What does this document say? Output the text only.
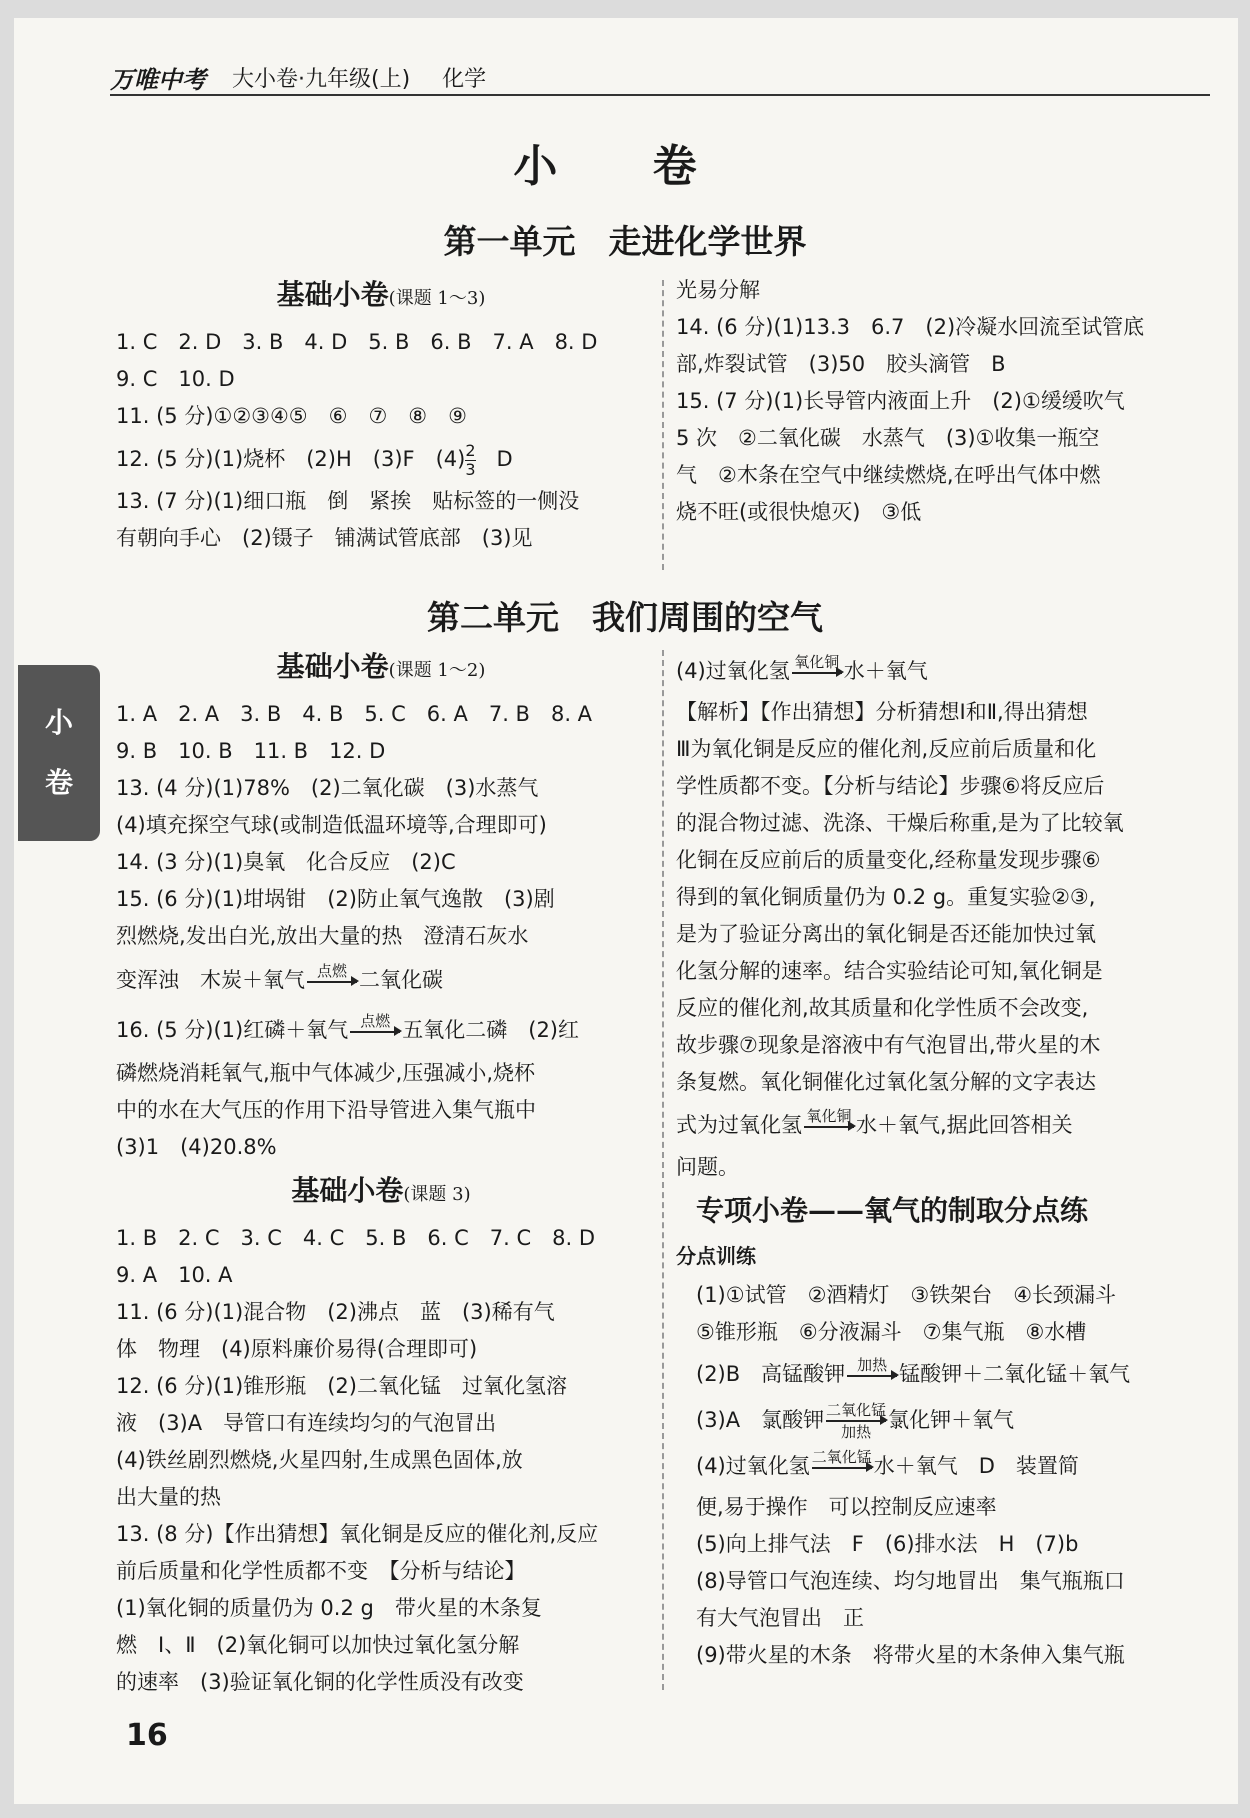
万唯中考 大小卷·九年级(上) 化学
小 卷
第一单元　走进化学世界
基础小卷(课题 1～3)

1. C　2. D　3. B　4. D　5. B　6. B　7. A　8. D

9. C　10. D

11. (5 分)①②③④⑤　⑥　⑦　⑧　⑨

12. (5 分)(1)烧杯　(2)H　(3)F　$(4) \frac{2}{3}$ 　D

13. (7 分)(1)细口瓶　倒　紧挨　贴标签的一侧没

有朝向手心　(2)镊子　铺满试管底部　(3)见

光易分解

14. (6 分)(1)13.3　6.7　(2)冷凝水回流至试管底

部,炸裂试管　(3)50　胶头滴管　B

15. (7 分)(1)长导管内液面上升　(2)①缓缓吹气

5 次　②二氧化碳　水蒸气　(3)①收集一瓶空

气　②木条在空气中继续燃烧,在呼出气体中燃

烧不旺(或很快熄灭)　③低

第二单元　我们周围的空气
基础小卷(课题 1～2)

1. A　2. A　3. B　4. B　5. C　6. A　7. B　8. A

9. B　10. B　11. B　12. D

13. (4 分)(1)78%　(2)二氧化碳　(3)水蒸气

(4)填充探空气球(或制造低温环境等,合理即可)

14. (3 分)(1)臭氧　化合反应　(2)C

15. (6 分)(1)坩埚钳　(2)防止氧气逸散　(3)剧

烈燃烧,发出白光,放出大量的热　澄清石灰水

变浑浊　木炭＋氧气 点燃 二氧化碳

16. (5 分)(1)红磷＋氧气 点燃 五氧化二磷　(2)红

磷燃烧消耗氧气,瓶中气体减少,压强减小,烧杯

中的水在大气压的作用下沿导管进入集气瓶中

(3)1　(4)20.8%

基础小卷(课题 3)

1. B　2. C　3. C　4. C　5. B　6. C　7. C　8. D

9. A　10. A

11. (6 分)(1)混合物　(2)沸点　蓝　(3)稀有气

体　物理　(4)原料廉价易得(合理即可)

12. (6 分)(1)锥形瓶　(2)二氧化锰　过氧化氢溶

液　(3)A　导管口有连续均匀的气泡冒出

(4)铁丝剧烈燃烧,火星四射,生成黑色固体,放

出大量的热

13. (8 分)【作出猜想】氧化铜是反应的催化剂,反应

前后质量和化学性质都不变　【分析与结论】

(1)氧化铜的质量仍为 0.2 g　带火星的木条复

燃　Ⅰ、Ⅱ　(2)氧化铜可以加快过氧化氢分解

的速率　(3)验证氧化铜的化学性质没有改变

(4)过氧化氢 氧化铜 水＋氧气

【解析】【作出猜想】分析猜想Ⅰ和Ⅱ,得出猜想

Ⅲ为氧化铜是反应的催化剂,反应前后质量和化

学性质都不变。【分析与结论】步骤⑥将反应后

的混合物过滤、洗涤、干燥后称重,是为了比较氧

化铜在反应前后的质量变化,经称量发现步骤⑥

得到的氧化铜质量仍为 0.2 g。重复实验②③,

是为了验证分离出的氧化铜是否还能加快过氧

化氢分解的速率。结合实验结论可知,氧化铜是

反应的催化剂,故其质量和化学性质不会改变,

故步骤⑦现象是溶液中有气泡冒出,带火星的木

条复燃。氧化铜催化过氧化氢分解的文字表达

式为过氧化氢 氧化铜 水＋氧气,据此回答相关

问题。

专项小卷——氧气的制取分点练

分点训练

(1)①试管　②酒精灯　③铁架台　④长颈漏斗

⑤锥形瓶　⑥分液漏斗　⑦集气瓶　⑧水槽

(2)B　高锰酸钾 加热 锰酸钾＋二氧化锰＋氧气

(3)A　氯酸钾 二氧化锰
加热 氯化钾＋氧气

(4)过氧化氢 二氧化锰
水＋氧气　D　装置简

便,易于操作　可以控制反应速率

(5)向上排气法　F　(6)排水法　H　(7)b

(8)导管口气泡连续、均匀地冒出　集气瓶瓶口

有大气泡冒出　正

(9)带火星的木条　将带火星的木条伸入集气瓶

小
卷
16
